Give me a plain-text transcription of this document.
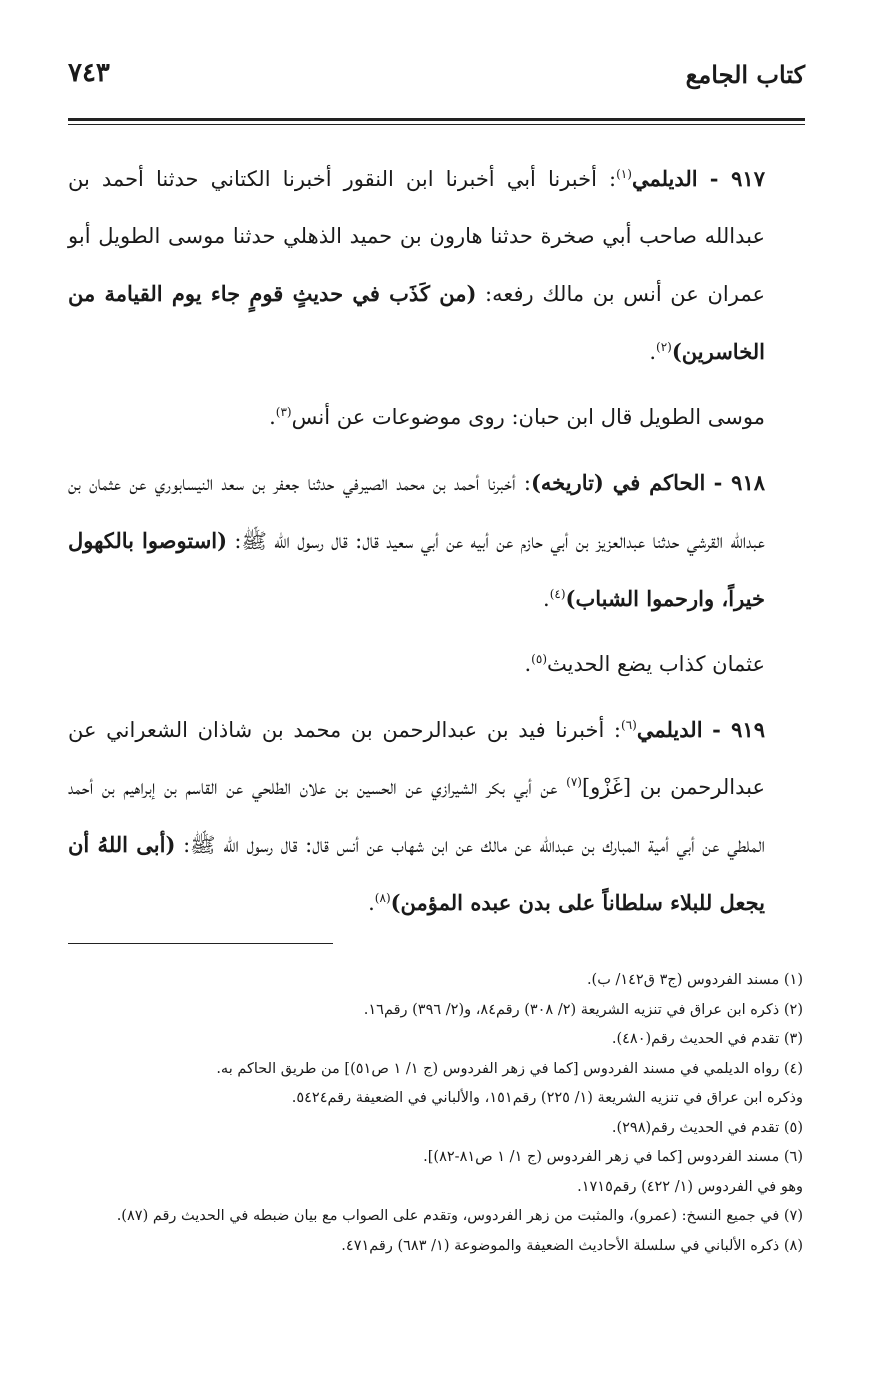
كتاب الجامع
٧٤٣

٩١٧ - الديلمي$^{(١)}$: أخبرنا أبي أخبرنا ابن النقور أخبرنا الكتاني حدثنا أحمد بن عبدالله صاحب أبي صخرة حدثنا هارون بن حميد الذهلي حدثنا موسى الطويل أبو عمران عن أنس بن مالك رفعه: (من كَذَب في حديثٍ قومٍ جاء يوم القيامة من الخاسرين)$^{(٢)}$.

موسى الطويل قال ابن حبان: روى موضوعات عن أنس$^{(٣)}$.

٩١٨ - الحاكم في (تاريخه): أخبرنا أحمد بن محمد الصيرفي حدثنا جعفر بن سعد النيسابوري عن عثمان بن عبدالله القرشي حدثنا عبدالعزيز بن أبي حازم عن أبيه عن أبي سعيد قال: قال رسول الله ﷺ: (استوصوا بالكهول خيراً، وارحموا الشباب)$^{(٤)}$.

عثمان كذاب يضع الحديث$^{(٥)}$.

٩١٩ - الديلمي$^{(٦)}$: أخبرنا فيد بن عبدالرحمن بن محمد بن شاذان الشعراني عن عبدالرحمن بن [غَزْو]$^{(٧)}$ عن أبي بكر الشيرازي عن الحسين بن علان الطلحي عن القاسم بن إبراهيم بن أحمد الملطي عن أبي أمية المبارك بن عبدالله عن مالك عن ابن شهاب عن أنس قال: قال رسول الله ﷺ: (أبى اللهُ أن يجعل للبلاء سلطاناً على بدن عبده المؤمن)$^{(٨)}$.

(١) مسند الفردوس (ج٣ ق١٤٢/ ب).

(٢) ذكره ابن عراق في تنزيه الشريعة (٢/ ٣٠٨) رقم٨٤، و(٢/ ٣٩٦) رقم١٦.

(٣) تقدم في الحديث رقم(٤٨٠).

(٤) رواه الديلمي في مسند الفردوس [كما في زهر الفردوس (ج ١/ ١ ص٥١)] من طريق الحاكم به.

وذكره ابن عراق في تنزيه الشريعة (١/ ٢٢٥) رقم١٥١، والألباني في الضعيفة رقم٥٤٢٤.

(٥) تقدم في الحديث رقم(٢٩٨).

(٦) مسند الفردوس [كما في زهر الفردوس (ج ١/ ١ ص٨١-٨٢)].

وهو في الفردوس (١/ ٤٢٢) رقم١٧١٥.

(٧) في جميع النسخ: (عمرو)، والمثبت من زهر الفردوس، وتقدم على الصواب مع بيان ضبطه في الحديث رقم (٨٧).

(٨) ذكره الألباني في سلسلة الأحاديث الضعيفة والموضوعة (١/ ٦٨٣) رقم٤٧١.
